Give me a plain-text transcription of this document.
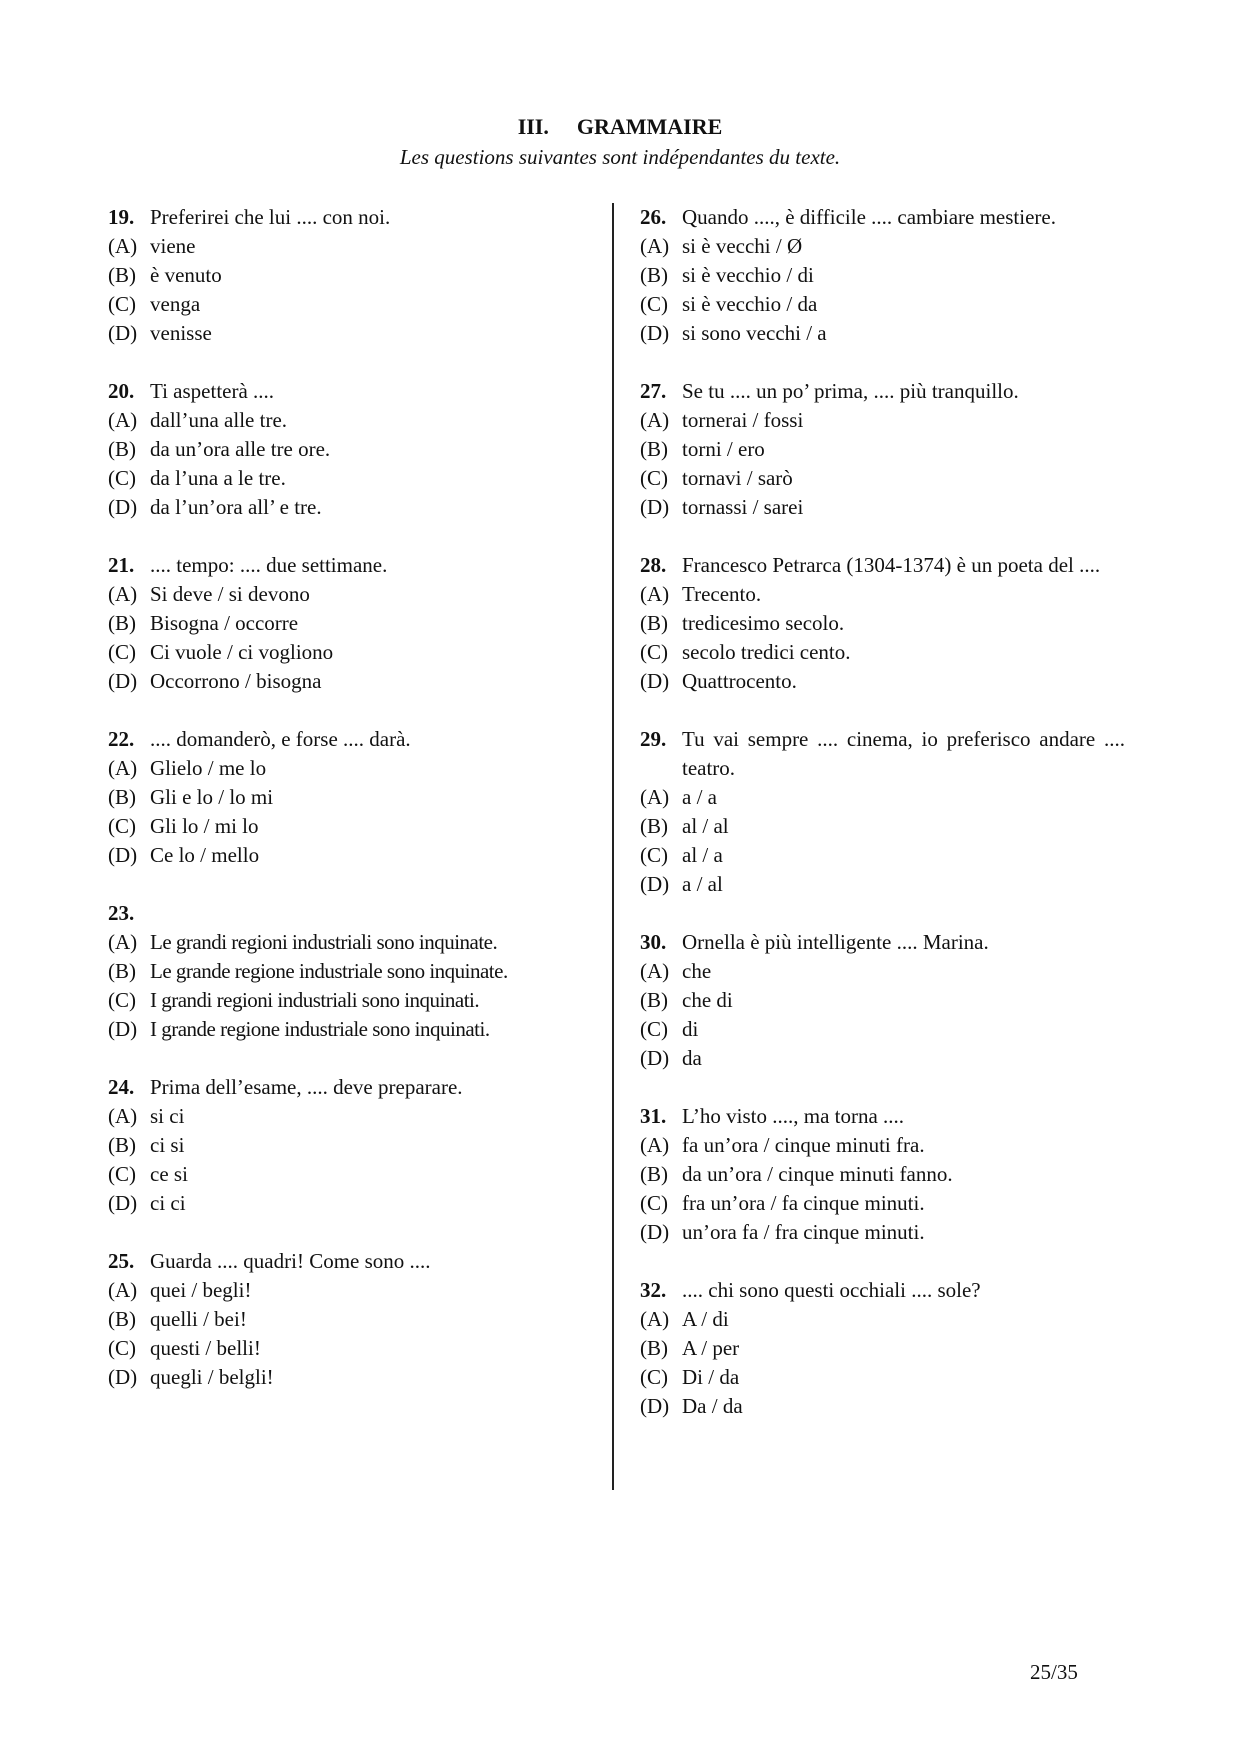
III. GRAMMAIRE
Les questions suivantes sont indépendantes du texte.
19. Preferirei che lui .... con noi.
(A) viene
(B) è venuto
(C) venga
(D) venisse
20. Ti aspetterà ....
(A) dall’una alle tre.
(B) da un’ora alle tre ore.
(C) da l’una a le tre.
(D) da l’un’ora all’ e tre.
21. .... tempo: .... due settimane.
(A) Si deve / si devono
(B) Bisogna / occorre
(C) Ci vuole / ci vogliono
(D) Occorrono / bisogna
22. .... domanderò, e forse .... darà.
(A) Glielo / me lo
(B) Gli e lo / lo mi
(C) Gli lo / mi lo
(D) Ce lo / mello
23.
(A) Le grandi regioni industriali sono inquinate.
(B) Le grande regione industriale sono inquinate.
(C) I grandi regioni industriali sono inquinati.
(D) I grande regione industriale sono inquinati.
24. Prima dell’esame, .... deve preparare.
(A) si ci
(B) ci si
(C) ce si
(D) ci ci
25. Guarda .... quadri! Come sono ....
(A) quei / begli!
(B) quelli / bei!
(C) questi / belli!
(D) quegli / belgli!
26. Quando ...., è difficile .... cambiare mestiere.
(A) si è vecchi / Ø
(B) si è vecchio / di
(C) si è vecchio / da
(D) si sono vecchi / a
27. Se tu .... un po’ prima, .... più tranquillo.
(A) tornerai / fossi
(B) torni / ero
(C) tornavi / sarò
(D) tornassi / sarei
28. Francesco Petrarca (1304-1374) è un poeta del ....
(A) Trecento.
(B) tredicesimo secolo.
(C) secolo tredici cento.
(D) Quattrocento.
29. Tu vai sempre .... cinema, io preferisco andare .... teatro.
(A) a / a
(B) al / al
(C) al / a
(D) a / al
30. Ornella è più intelligente .... Marina.
(A) che
(B) che di
(C) di
(D) da
31. L’ho visto ...., ma torna ....
(A) fa un’ora / cinque minuti fra.
(B) da un’ora / cinque minuti fanno.
(C) fra un’ora / fa cinque minuti.
(D) un’ora fa / fra cinque minuti.
32. .... chi sono questi occhiali .... sole?
(A) A / di
(B) A / per
(C) Di / da
(D) Da / da
25/35
